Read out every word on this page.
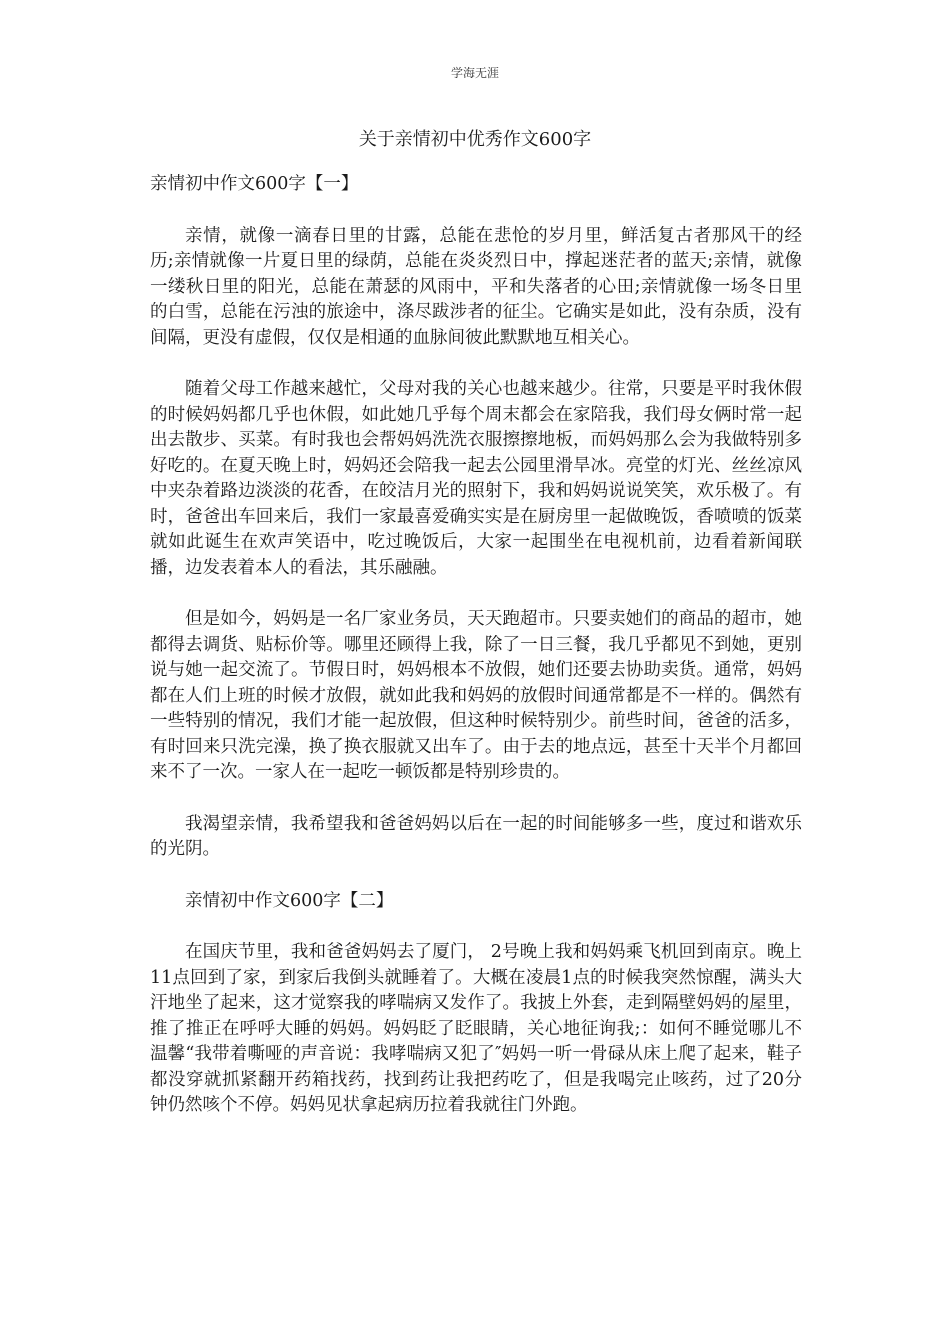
学海无涯
关于亲情初中优秀作文600字

亲情初中作文600字【一】

亲情，就像一滴春日里的甘露，总能在悲怆的岁月里，鲜活复古者那风干的经历;亲情就像一片夏日里的绿荫，总能在炎炎烈日中，撑起迷茫者的蓝天;亲情，就像一缕秋日里的阳光，总能在萧瑟的风雨中，平和失落者的心田;亲情就像一场冬日里的白雪，总能在污浊的旅途中，涤尽跋涉者的征尘。它确实是如此，没有杂质，没有间隔，更没有虚假，仅仅是相通的血脉间彼此默默地互相关心。

随着父母工作越来越忙，父母对我的关心也越来越少。往常，只要是平时我休假的时候妈妈都几乎也休假，如此她几乎每个周末都会在家陪我，我们母女俩时常一起出去散步、买菜。有时我也会帮妈妈洗洗衣服擦擦地板，而妈妈那么会为我做特别多好吃的。在夏天晚上时，妈妈还会陪我一起去公园里滑旱冰。亮堂的灯光、丝丝凉风中夹杂着路边淡淡的花香，在皎洁月光的照射下，我和妈妈说说笑笑，欢乐极了。有时，爸爸出车回来后，我们一家最喜爱确实实是在厨房里一起做晚饭，香喷喷的饭菜就如此诞生在欢声笑语中，吃过晚饭后，大家一起围坐在电视机前，边看着新闻联播，边发表着本人的看法，其乐融融。

但是如今，妈妈是一名厂家业务员，天天跑超市。只要卖她们的商品的超市，她都得去调货、贴标价等。哪里还顾得上我，除了一日三餐，我几乎都见不到她，更别说与她一起交流了。节假日时，妈妈根本不放假，她们还要去协助卖货。通常，妈妈都在人们上班的时候才放假，就如此我和妈妈的放假时间通常都是不一样的。偶然有一些特别的情况，我们才能一起放假，但这种时候特别少。前些时间，爸爸的活多，有时回来只洗完澡，换了换衣服就又出车了。由于去的地点远，甚至十天半个月都回来不了一次。一家人在一起吃一顿饭都是特别珍贵的。

我渴望亲情，我希望我和爸爸妈妈以后在一起的时间能够多一些，度过和谐欢乐的光阴。

亲情初中作文600字【二】

在国庆节里，我和爸爸妈妈去了厦门， 2号晚上我和妈妈乘飞机回到南京。晚上11点回到了家，到家后我倒头就睡着了。大概在凌晨1点的时候我突然惊醒，满头大汗地坐了起来，这才觉察我的哮喘病又发作了。我披上外套，走到隔壁妈妈的屋里，推了推正在呼呼大睡的妈妈。妈妈眨了眨眼睛，关心地征询我;：如何不睡觉哪儿不温馨“我带着嘶哑的声音说：我哮喘病又犯了″妈妈一听一骨碌从床上爬了起来，鞋子都没穿就抓紧翻开药箱找药，找到药让我把药吃了，但是我喝完止咳药，过了20分钟仍然咳个不停。妈妈见状拿起病历拉着我就往门外跑。
